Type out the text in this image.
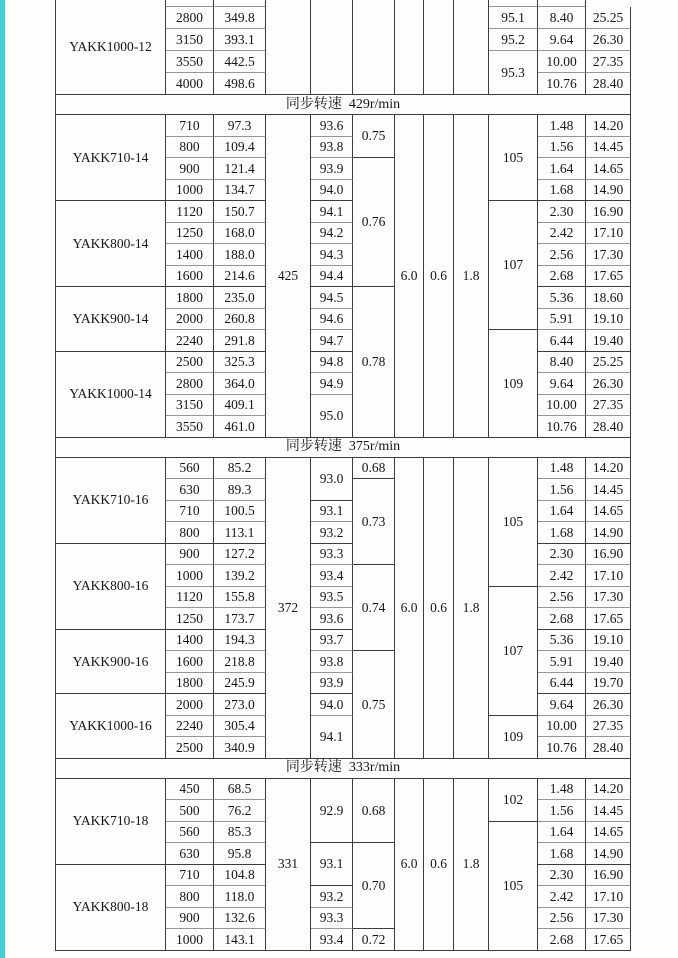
YAKK1000-12											
	2800	349.8							95.1	8.40	25.25
	3150	393.1							95.2	9.64	26.30
	3550	442.5							95.3	10.00	27.35
	4000	498.6								10.76	28.40
同步转速  429r/min											
YAKK710-14	710	97.3	425	93.6	0.75	6.0	0.6	1.8	105	1.48	14.20
	800	109.4		93.8						1.56	14.45
	900	121.4		93.9	0.76					1.64	14.65
	1000	134.7		94.0						1.68	14.90
YAKK800-14	1120	150.7		94.1					107	2.30	16.90
	1250	168.0		94.2						2.42	17.10
	1400	188.0		94.3						2.56	17.30
	1600	214.6		94.4						2.68	17.65
YAKK900-14	1800	235.0		94.5	0.78					5.36	18.60
	2000	260.8		94.6						5.91	19.10
	2240	291.8		94.7					109	6.44	19.40
YAKK1000-14	2500	325.3		94.8						8.40	25.25
	2800	364.0		94.9						9.64	26.30
	3150	409.1		95.0						10.00	27.35
	3550	461.0								10.76	28.40
同步转速  375r/min											
YAKK710-16	560	85.2	372	93.0	0.68	6.0	0.6	1.8	105	1.48	14.20
	630	89.3			0.73					1.56	14.45
	710	100.5		93.1						1.64	14.65
	800	113.1		93.2						1.68	14.90
YAKK800-16	900	127.2		93.3						2.30	16.90
	1000	139.2		93.4	0.74					2.42	17.10
	1120	155.8		93.5					107	2.56	17.30
	1250	173.7		93.6						2.68	17.65
YAKK900-16	1400	194.3		93.7						5.36	19.10
	1600	218.8		93.8	0.75					5.91	19.40
	1800	245.9		93.9						6.44	19.70
YAKK1000-16	2000	273.0		94.0						9.64	26.30
	2240	305.4		94.1					109	10.00	27.35
	2500	340.9								10.76	28.40
同步转速  333r/min											
YAKK710-18	450	68.5	331	92.9	0.68	6.0	0.6	1.8	102	1.48	14.20
	500	76.2								1.56	14.45
	560	85.3							105	1.64	14.65
	630	95.8		93.1	0.70					1.68	14.90
YAKK800-18	710	104.8								2.30	16.90
	800	118.0		93.2						2.42	17.10
	900	132.6		93.3						2.56	17.30
	1000	143.1		93.4	0.72					2.68	17.65
